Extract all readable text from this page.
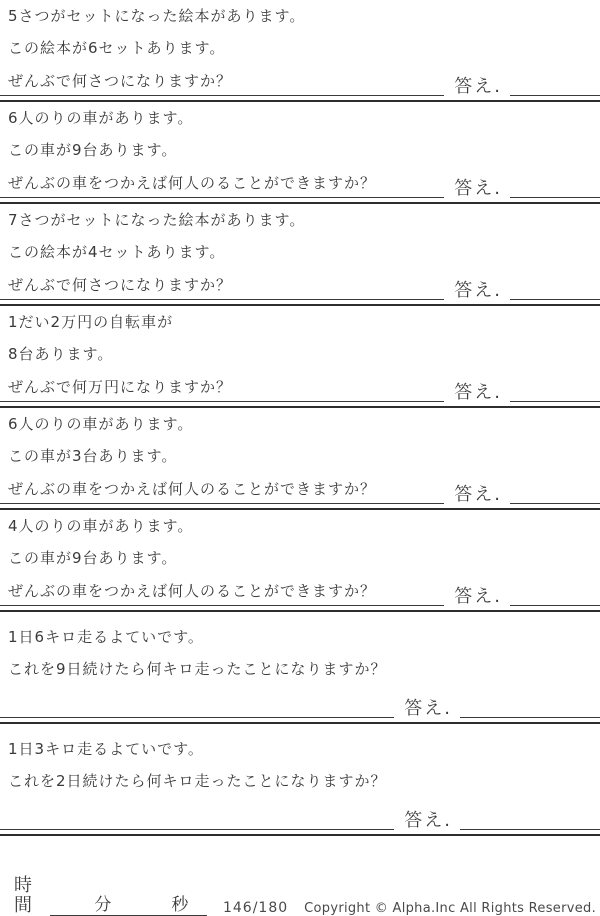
5さつがセットになった絵本があります。

この絵本が6セットあります。

ぜんぶで何さつになりますか？	答え.

6人のりの車があります。

この車が9台あります。

ぜんぶの車をつかえば何人のることができますか？	答え.

7さつがセットになった絵本があります。

この絵本が4セットあります。

ぜんぶで何さつになりますか？	答え.

1だい2万円の自転車が

8台あります。

ぜんぶで何万円になりますか？	答え.

6人のりの車があります。

この車が3台あります。

ぜんぶの車をつかえば何人のることができますか？	答え.

4人のりの車があります。

この車が9台あります。

ぜんぶの車をつかえば何人のることができますか？	答え.

1日6キロ走るよていです。

これを9日続けたら何キロ走ったことになりますか？

答え.

1日3キロ走るよていです。

これを2日続けたら何キロ走ったことになりますか？

答え.
時間	分	秒 146/180 Copyright © Alpha.Inc All Rights Reserved.
